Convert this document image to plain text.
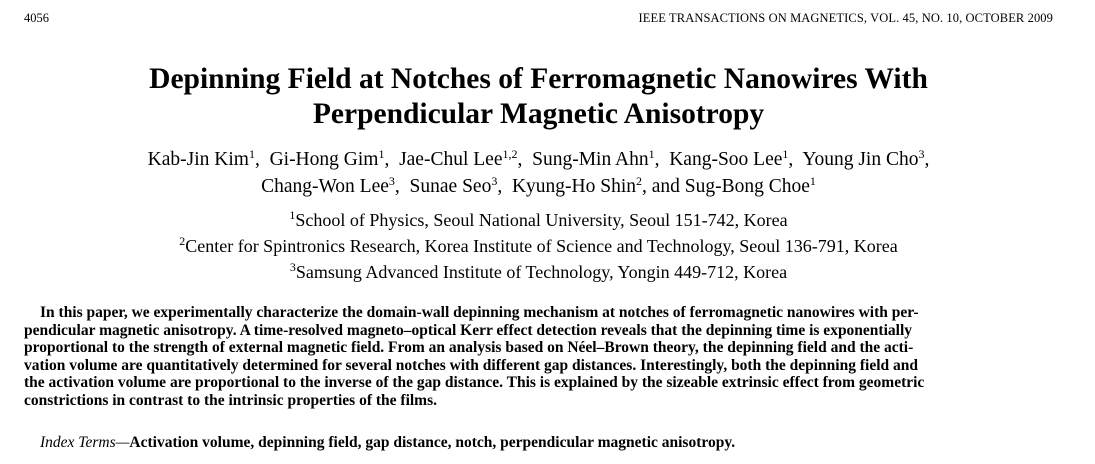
4056	IEEE TRANSACTIONS ON MAGNETICS, VOL. 45, NO. 10, OCTOBER 2009
Depinning Field at Notches of Ferromagnetic Nanowires With
Perpendicular Magnetic Anisotropy
Kab-Jin Kim$^1$,  Gi-Hong Gim$^1$,  Jae-Chul Lee$^{1,2}$,  Sung-Min Ahn$^1$,  Kang-Soo Lee$^1$,  Young Jin Cho$^3$,
Chang-Won Lee$^3$,  Sunae Seo$^3$,  Kyung-Ho Shin$^2$, and Sug-Bong Choe$^1$
$^1$School of Physics, Seoul National University, Seoul 151-742, Korea
$^2$Center for Spintronics Research, Korea Institute of Science and Technology, Seoul 136-791, Korea
$^3$Samsung Advanced Institute of Technology, Yongin 449-712, Korea
In this paper, we experimentally characterize the domain-wall depinning mechanism at notches of ferromagnetic nanowires with per-
pendicular magnetic anisotropy. A time-resolved magneto–optical Kerr effect detection reveals that the depinning time is exponentially
proportional to the strength of external magnetic field. From an analysis based on Néel–Brown theory, the depinning field and the acti-
vation volume are quantitatively determined for several notches with different gap distances. Interestingly, both the depinning field and
the activation volume are proportional to the inverse of the gap distance. This is explained by the sizeable extrinsic effect from geometric
constrictions in contrast to the intrinsic properties of the films.
Index Terms—Activation volume, depinning field, gap distance, notch, perpendicular magnetic anisotropy.
